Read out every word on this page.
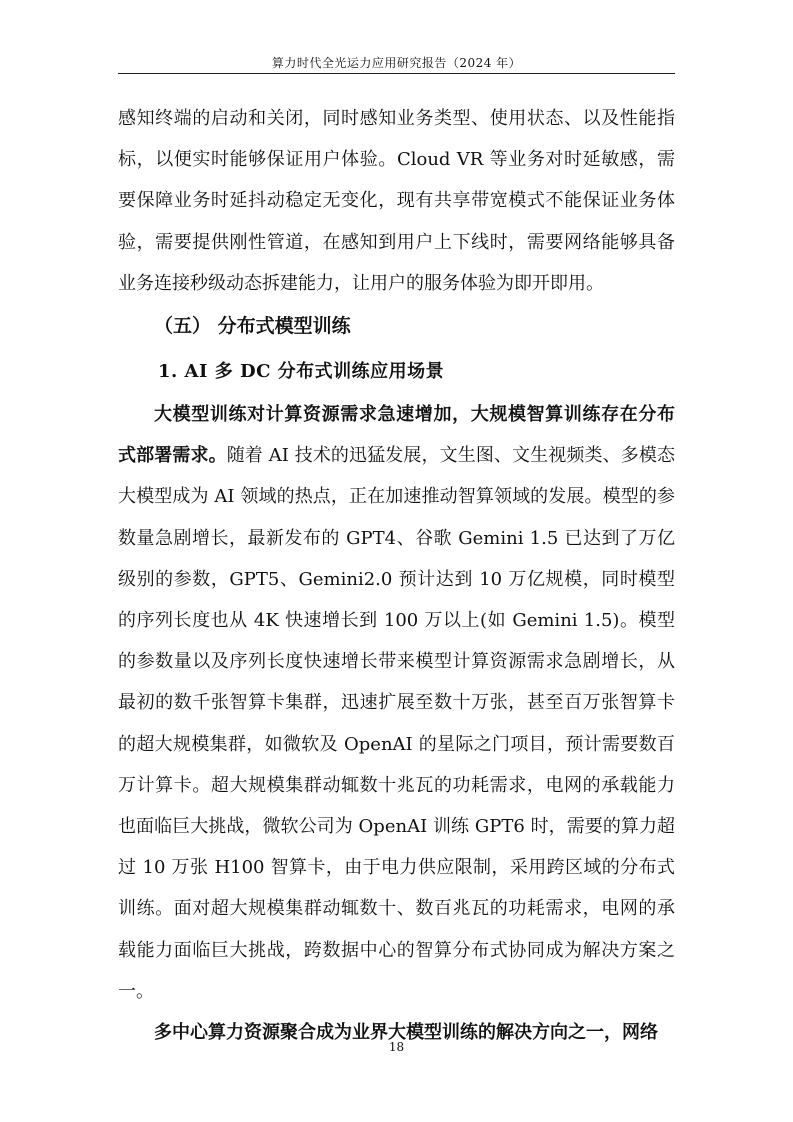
算力时代全光运力应用研究报告（2024 年）

感知终端的启动和关闭，同时感知业务类型、使用状态、以及性能指标，以便实时能够保证用户体验。Cloud VR 等业务对时延敏感，需要保障业务时延抖动稳定无变化，现有共享带宽模式不能保证业务体验，需要提供刚性管道，在感知到用户上下线时，需要网络能够具备业务连接秒级动态拆建能力，让用户的服务体验为即开即用。

（五） 分布式模型训练
1. AI 多 DC 分布式训练应用场景

大模型训练对计算资源需求急速增加，大规模智算训练存在分布式部署需求。随着 AI 技术的迅猛发展，文生图、文生视频类、多模态大模型成为 AI 领域的热点，正在加速推动智算领域的发展。模型的参数量急剧增长，最新发布的 GPT4、谷歌 Gemini 1.5 已达到了万亿级别的参数，GPT5、Gemini2.0 预计达到 10 万亿规模，同时模型的序列长度也从 4K 快速增长到 100 万以上(如 Gemini 1.5)。模型的参数量以及序列长度快速增长带来模型计算资源需求急剧增长，从最初的数千张智算卡集群，迅速扩展至数十万张，甚至百万张智算卡的超大规模集群，如微软及 OpenAI 的星际之门项目，预计需要数百万计算卡。超大规模集群动辄数十兆瓦的功耗需求，电网的承载能力也面临巨大挑战，微软公司为 OpenAI 训练 GPT6 时，需要的算力超过 10 万张 H100 智算卡，由于电力供应限制，采用跨区域的分布式训练。面对超大规模集群动辄数十、数百兆瓦的功耗需求，电网的承载能力面临巨大挑战，跨数据中心的智算分布式协同成为解决方案之一。

多中心算力资源聚合成为业界大模型训练的解决方向之一，网络

18
